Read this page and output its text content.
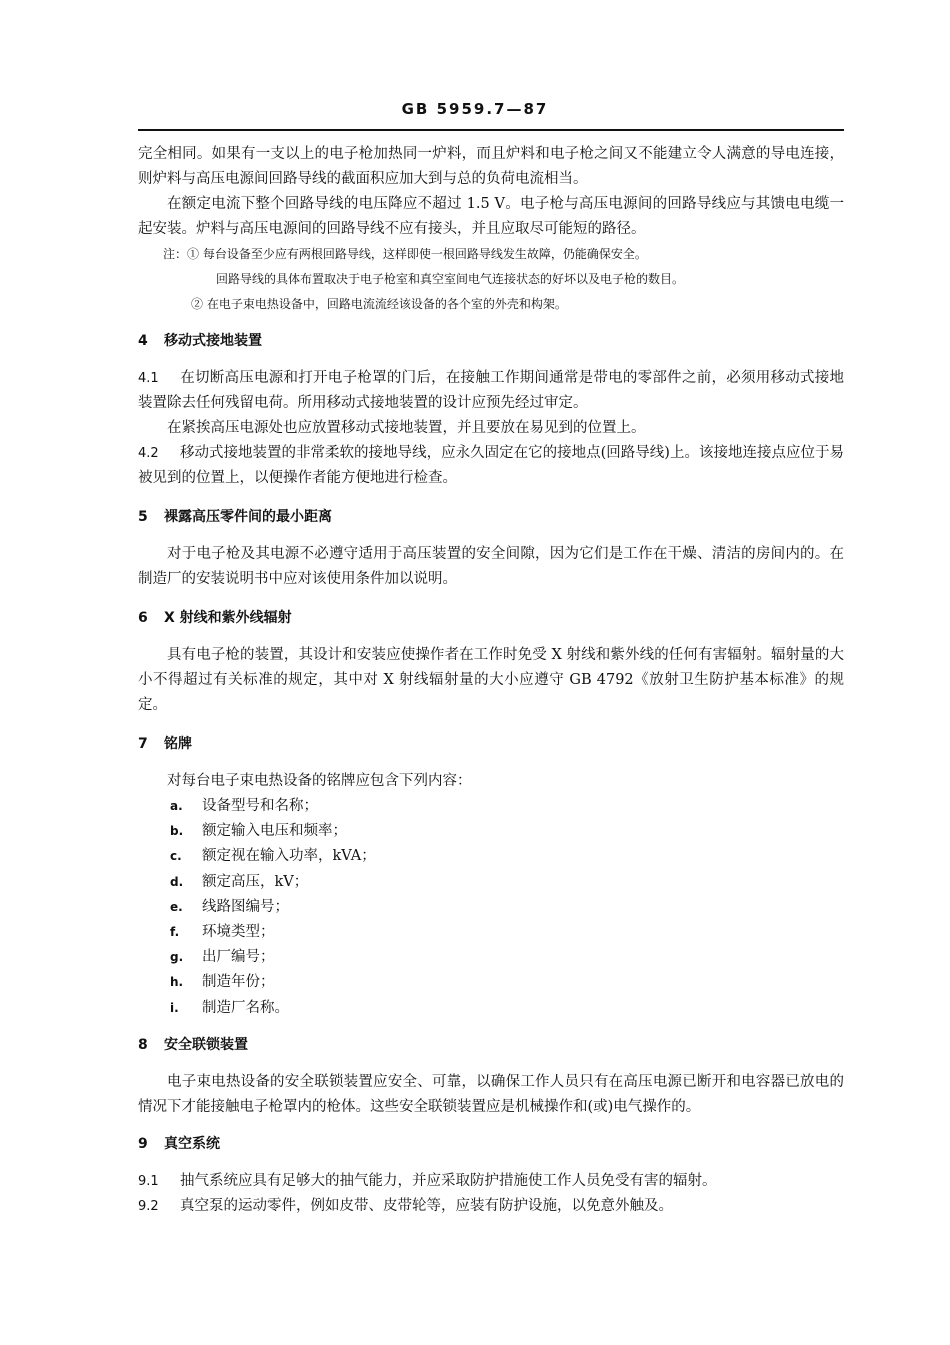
GB 5959.7—87

完全相同。如果有一支以上的电子枪加热同一炉料，而且炉料和电子枪之间又不能建立令人满意的导电连接，则炉料与高压电源间回路导线的截面积应加大到与总的负荷电流相当。

在额定电流下整个回路导线的电压降应不超过 1.5 V。电子枪与高压电源间的回路导线应与其馈电电缆一起安装。炉料与高压电源间的回路导线不应有接头，并且应取尽可能短的路径。

注：① 每台设备至少应有两根回路导线，这样即使一根回路导线发生故障，仍能确保安全。

回路导线的具体布置取决于电子枪室和真空室间电气连接状态的好坏以及电子枪的数目。

② 在电子束电热设备中，回路电流流经该设备的各个室的外壳和构架。

4 移动式接地装置

4.1 在切断高压电源和打开电子枪罩的门后，在接触工作期间通常是带电的零部件之前，必须用移动式接地装置除去任何残留电荷。所用移动式接地装置的设计应预先经过审定。

在紧挨高压电源处也应放置移动式接地装置，并且要放在易见到的位置上。

4.2 移动式接地装置的非常柔软的接地导线，应永久固定在它的接地点(回路导线)上。该接地连接点应位于易被见到的位置上，以便操作者能方便地进行检查。

5 裸露高压零件间的最小距离

对于电子枪及其电源不必遵守适用于高压装置的安全间隙，因为它们是工作在干燥、清洁的房间内的。在制造厂的安装说明书中应对该使用条件加以说明。

6 X 射线和紫外线辐射

具有电子枪的装置，其设计和安装应使操作者在工作时免受 X 射线和紫外线的任何有害辐射。辐射量的大小不得超过有关标准的规定，其中对 X 射线辐射量的大小应遵守 GB 4792《放射卫生防护基本标准》的规定。

7 铭牌

对每台电子束电热设备的铭牌应包含下列内容：

a. 设备型号和名称；
b. 额定输入电压和频率；
c. 额定视在输入功率，kVA；
d. 额定高压，kV；
e. 线路图编号；
f. 环境类型；
g. 出厂编号；
h. 制造年份；
i. 制造厂名称。

8 安全联锁装置

电子束电热设备的安全联锁装置应安全、可靠，以确保工作人员只有在高压电源已断开和电容器已放电的情况下才能接触电子枪罩内的枪体。这些安全联锁装置应是机械操作和(或)电气操作的。

9 真空系统

9.1 抽气系统应具有足够大的抽气能力，并应采取防护措施使工作人员免受有害的辐射。

9.2 真空泵的运动零件，例如皮带、皮带轮等，应装有防护设施，以免意外触及。
